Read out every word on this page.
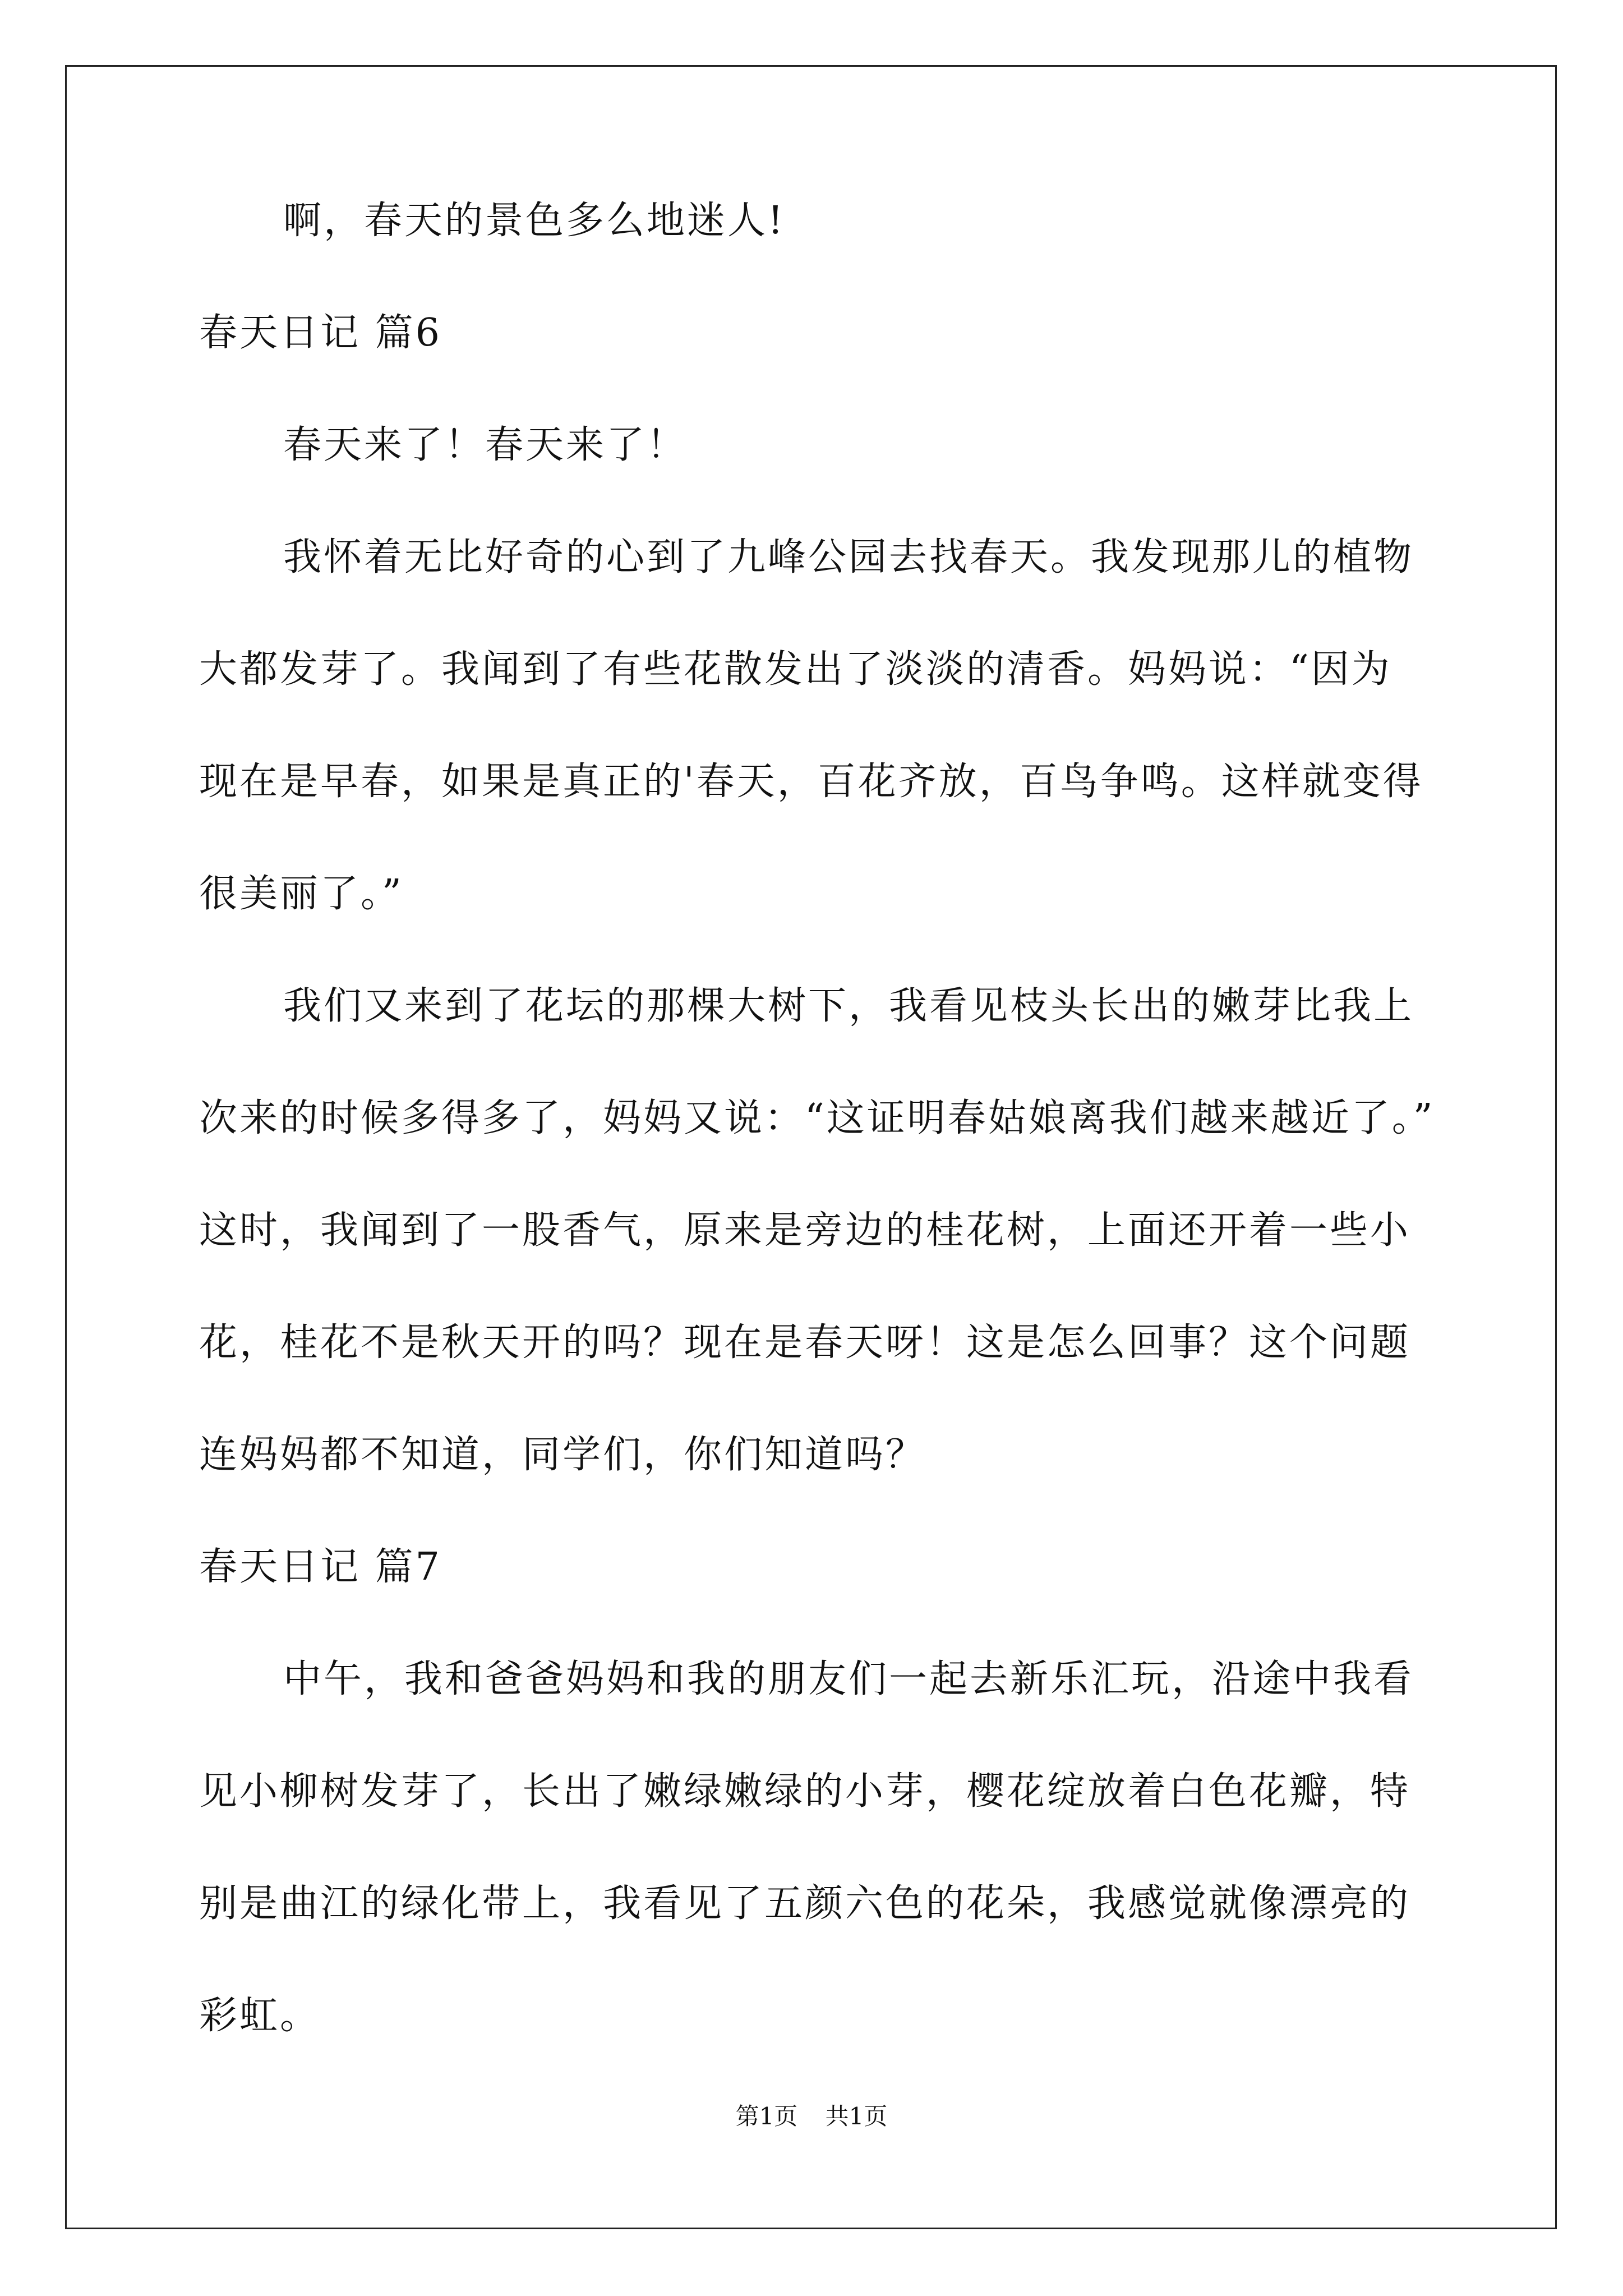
啊，春天的景色多么地迷人!
春天日记 篇6
春天来了！春天来了！
我怀着无比好奇的心到了九峰公园去找春天。我发现那儿的植物
大都发芽了。我闻到了有些花散发出了淡淡的清香。妈妈说：“因为
现在是早春，如果是真正的'春天，百花齐放，百鸟争鸣。这样就变得
很美丽了。”
我们又来到了花坛的那棵大树下，我看见枝头长出的嫩芽比我上
次来的时候多得多了，妈妈又说：“这证明春姑娘离我们越来越近了。”
这时，我闻到了一股香气，原来是旁边的桂花树，上面还开着一些小
花，桂花不是秋天开的吗？现在是春天呀！这是怎么回事？这个问题
连妈妈都不知道，同学们，你们知道吗？
春天日记 篇7
中午，我和爸爸妈妈和我的朋友们一起去新乐汇玩，沿途中我看
见小柳树发芽了，长出了嫩绿嫩绿的小芽，樱花绽放着白色花瓣，特
别是曲江的绿化带上，我看见了五颜六色的花朵，我感觉就像漂亮的
彩虹。
第1页 共1页
